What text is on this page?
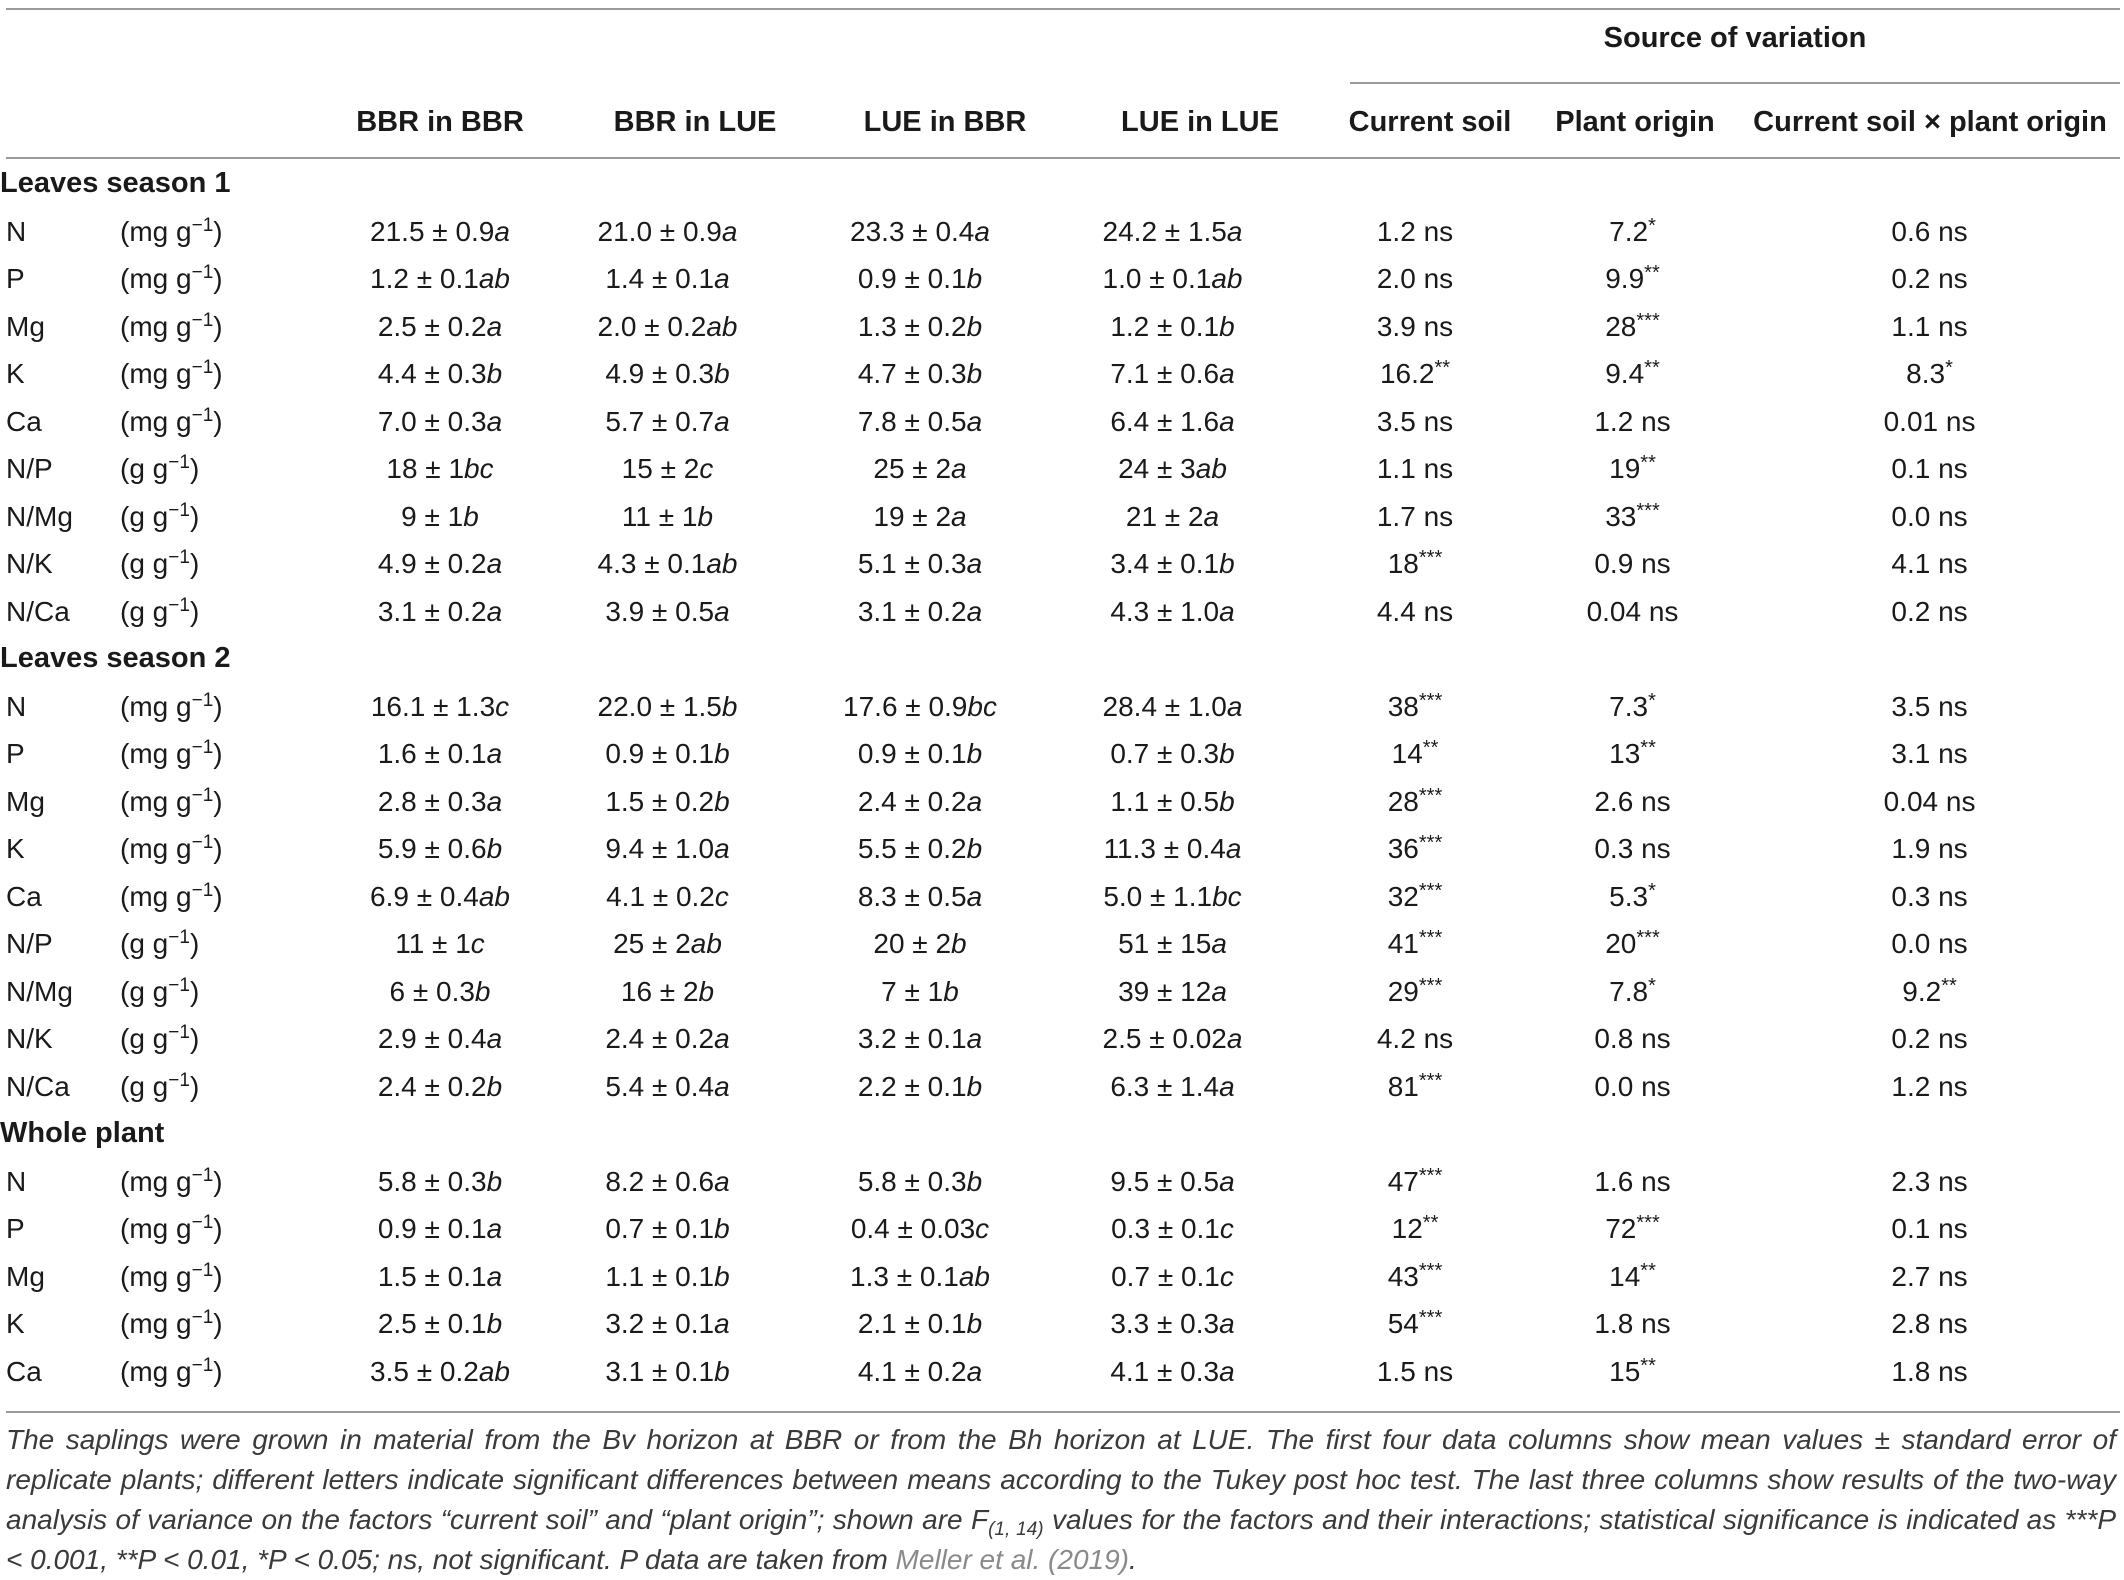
Source of variation
BBR in BBR	BBR in LUE	LUE in BBR	LUE in LUE	Current soil	Plant origin	Current soil × plant origin
Leaves season 1								
N	(mg $g^{-1}$)	21.5 ± 0.9a	21.0 ± 0.9a	23.3 ± 0.4a	24.2 ± 1.5a	1.2 ns	7.2*	0.6 ns
P	(mg $g^{-1}$)	1.2 ± 0.1ab	1.4 ± 0.1a	0.9 ± 0.1b	1.0 ± 0.1ab	2.0 ns	9.9**	0.2 ns
Mg	(mg $g^{-1}$)	2.5 ± 0.2a	2.0 ± 0.2ab	1.3 ± 0.2b	1.2 ± 0.1b	3.9 ns	28***	1.1 ns
K	(mg $g^{-1}$)	4.4 ± 0.3b	4.9 ± 0.3b	4.7 ± 0.3b	7.1 ± 0.6a	16.2**	9.4**	8.3*
Ca	(mg $g^{-1}$)	7.0 ± 0.3a	5.7 ± 0.7a	7.8 ± 0.5a	6.4 ± 1.6a	3.5 ns	1.2 ns	0.01 ns
N/P	(g $g^{-1}$)	18 ± 1bc	15 ± 2c	25 ± 2a	24 ± 3ab	1.1 ns	19**	0.1 ns
N/Mg	(g $g^{-1}$)	9 ± 1b	11 ± 1b	19 ± 2a	21 ± 2a	1.7 ns	33***	0.0 ns
N/K	(g $g^{-1}$)	4.9 ± 0.2a	4.3 ± 0.1ab	5.1 ± 0.3a	3.4 ± 0.1b	18***	0.9 ns	4.1 ns
N/Ca	(g $g^{-1}$)	3.1 ± 0.2a	3.9 ± 0.5a	3.1 ± 0.2a	4.3 ± 1.0a	4.4 ns	0.04 ns	0.2 ns
Leaves season 2								
N	(mg $g^{-1}$)	16.1 ± 1.3c	22.0 ± 1.5b	17.6 ± 0.9bc	28.4 ± 1.0a	38***	7.3*	3.5 ns
P	(mg $g^{-1}$)	1.6 ± 0.1a	0.9 ± 0.1b	0.9 ± 0.1b	0.7 ± 0.3b	14**	13**	3.1 ns
Mg	(mg $g^{-1}$)	2.8 ± 0.3a	1.5 ± 0.2b	2.4 ± 0.2a	1.1 ± 0.5b	28***	2.6 ns	0.04 ns
K	(mg $g^{-1}$)	5.9 ± 0.6b	9.4 ± 1.0a	5.5 ± 0.2b	11.3 ± 0.4a	36***	0.3 ns	1.9 ns
Ca	(mg $g^{-1}$)	6.9 ± 0.4ab	4.1 ± 0.2c	8.3 ± 0.5a	5.0 ± 1.1bc	32***	5.3*	0.3 ns
N/P	(g $g^{-1}$)	11 ± 1c	25 ± 2ab	20 ± 2b	51 ± 15a	41***	20***	0.0 ns
N/Mg	(g $g^{-1}$)	6 ± 0.3b	16 ± 2b	7 ± 1b	39 ± 12a	29***	7.8*	9.2**
N/K	(g $g^{-1}$)	2.9 ± 0.4a	2.4 ± 0.2a	3.2 ± 0.1a	2.5 ± 0.02a	4.2 ns	0.8 ns	0.2 ns
N/Ca	(g $g^{-1}$)	2.4 ± 0.2b	5.4 ± 0.4a	2.2 ± 0.1b	6.3 ± 1.4a	81***	0.0 ns	1.2 ns
Whole plant								
N	(mg $g^{-1}$)	5.8 ± 0.3b	8.2 ± 0.6a	5.8 ± 0.3b	9.5 ± 0.5a	47***	1.6 ns	2.3 ns
P	(mg $g^{-1}$)	0.9 ± 0.1a	0.7 ± 0.1b	0.4 ± 0.03c	0.3 ± 0.1c	12**	72***	0.1 ns
Mg	(mg $g^{-1}$)	1.5 ± 0.1a	1.1 ± 0.1b	1.3 ± 0.1ab	0.7 ± 0.1c	43***	14**	2.7 ns
K	(mg $g^{-1}$)	2.5 ± 0.1b	3.2 ± 0.1a	2.1 ± 0.1b	3.3 ± 0.3a	54***	1.8 ns	2.8 ns
Ca	(mg $g^{-1}$)	3.5 ± 0.2ab	3.1 ± 0.1b	4.1 ± 0.2a	4.1 ± 0.3a	1.5 ns	15**	1.8 ns
The saplings were grown in material from the Bv horizon at BBR or from the Bh horizon at LUE. The first four data columns show mean values ± standard error of replicate plants; different letters indicate significant differences between means according to the Tukey post hoc test. The last three columns show results of the two-way analysis of variance on the factors “current soil” and “plant origin”; shown are $F_{(1, 14)}$ values for the factors and their interactions; statistical significance is indicated as ***P < 0.001, **P < 0.01, *P < 0.05; ns, not significant. P data are taken from Meller et al. (2019).
